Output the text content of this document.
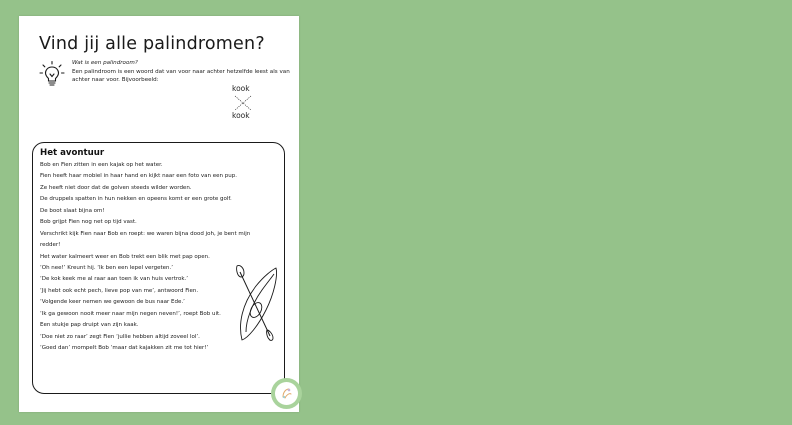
Vind jij alle palindromen?
Wat is een palindroom?
Een palindroom is een woord dat van voor naar achter hetzelfde leest als van achter naar voor. Bijvoorbeeld:
kook
kook
Het avontuur
Bob en Fien zitten in een kajak op het water.
Fien heeft haar mobiel in haar hand en kijkt naar een foto van een pup.
Ze heeft niet door dat de golven steeds wilder worden.
De druppels spatten in hun nekken en opeens komt er een grote golf.
De boot slaat bijna om!
Bob grijpt Fien nog net op tijd vast.
Verschrikt kijk Fien naar Bob en roept: we waren bijna dood joh, je bent mijn
redder!
Het water kalmeert weer en Bob trekt een blik met pap open.
‘Oh nee!’ Kreunt hij. ‘Ik ben een lepel vergeten.’
‘De kok keek me al raar aan toen ik van huis vertrok.’
‘Jij hebt ook echt pech, lieve pop van me’, antwoord Fien.
‘Volgende keer nemen we gewoon de bus naar Ede.’
‘Ik ga gewoon nooit meer naar mijn negen neven!’, roept Bob uit.
Een stukje pap druipt van zijn kaak.
‘Doe niet zo raar’ zegt Fien ‘jullie hebben altijd zoveel lol’.
‘Goed dan’ mompelt Bob ‘maar dat kajakken zit me tot hier!’
